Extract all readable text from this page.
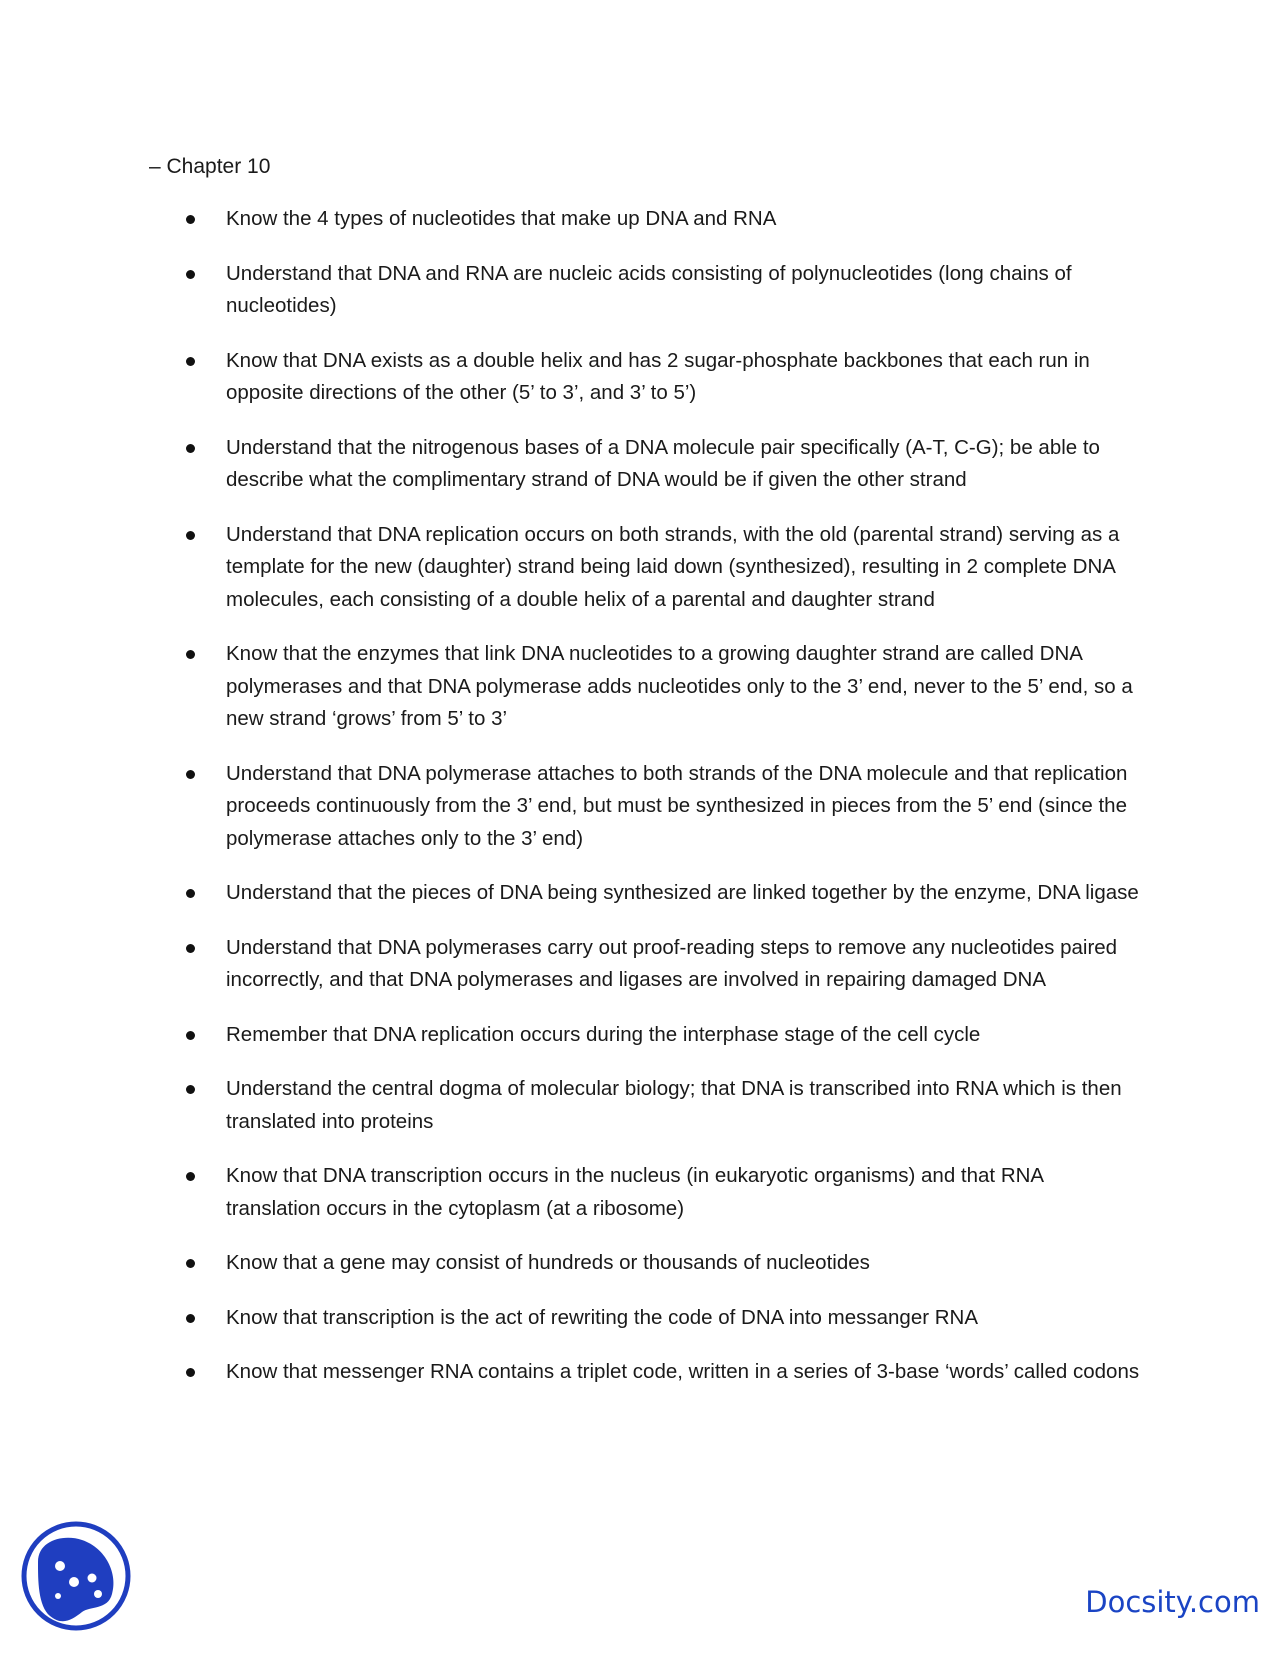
– Chapter 10
Know the 4 types of nucleotides that make up DNA and RNA
Understand that DNA and RNA are nucleic acids consisting of polynucleotides (long chains of nucleotides)
Know that DNA exists as a double helix and has 2 sugar-phosphate backbones that each run in opposite directions of the other (5’ to 3’, and 3’ to 5’)
Understand that the nitrogenous bases of a DNA molecule pair specifically (A-T, C-G); be able to describe what the complimentary strand of DNA would be if given the other strand
Understand that DNA replication occurs on both strands, with the old (parental strand) serving as a template for the new (daughter) strand being laid down (synthesized), resulting in 2 complete DNA molecules, each consisting of a double helix of a parental and daughter strand
Know that the enzymes that link DNA nucleotides to a growing daughter strand are called DNA polymerases and that DNA polymerase adds nucleotides only to the 3’ end, never to the 5’ end, so a new strand ‘grows’ from 5’ to 3’
Understand that DNA polymerase attaches to both strands of the DNA molecule and that replication proceeds continuously from the 3’ end, but must be synthesized in pieces from the 5’ end (since the polymerase attaches only to the 3’ end)
Understand that the pieces of DNA being synthesized are linked together by the enzyme, DNA ligase
Understand that DNA polymerases carry out proof-reading steps to remove any nucleotides paired incorrectly, and that DNA polymerases and ligases are involved in repairing damaged DNA
Remember that DNA replication occurs during the interphase stage of the cell cycle
Understand the central dogma of molecular biology; that DNA is transcribed into RNA which is then translated into proteins
Know that DNA transcription occurs in the nucleus (in eukaryotic organisms) and that RNA translation occurs in the cytoplasm (at a ribosome)
Know that a gene may consist of hundreds or thousands of nucleotides
Know that transcription is the act of rewriting the code of DNA into messanger RNA
Know that messenger RNA contains a triplet code, written in a series of 3-base ‘words’ called codons
Docsity.com
